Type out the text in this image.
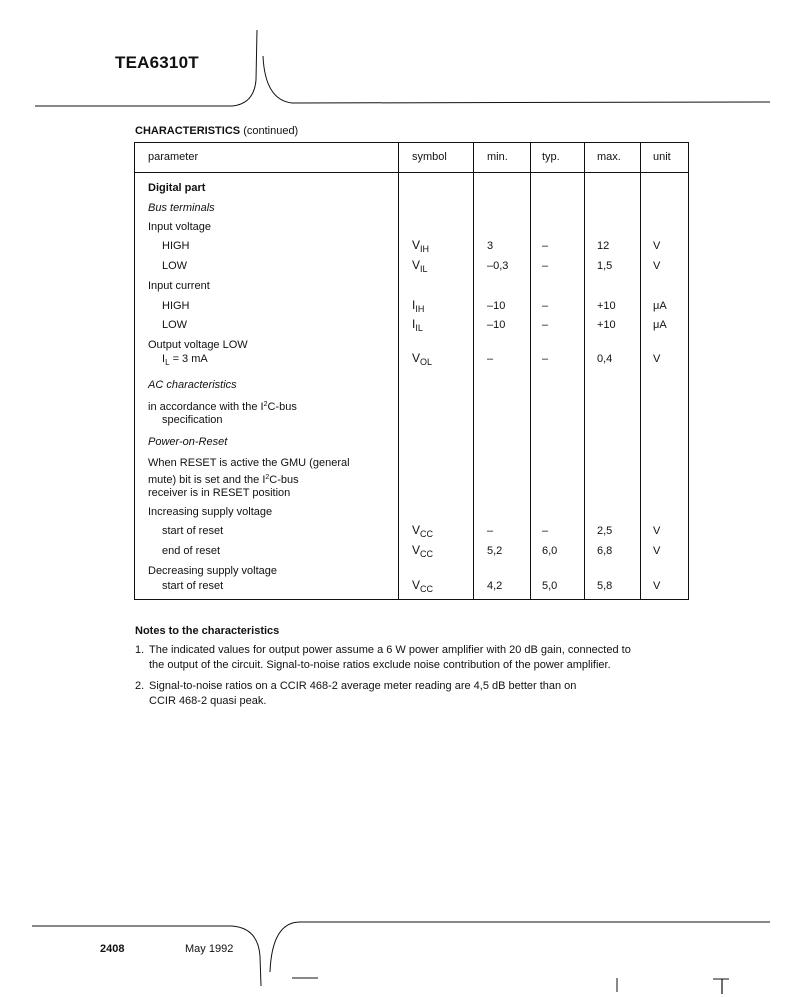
TEA6310T
CHARACTERISTICS (continued)
parameter	symbol	min.	typ.	max.	unit
Digital part
Bus terminals
Input voltage
HIGH	$V_{IH}$	3	–	12	V
LOW	$V_{IL}$	–0,3	–	1,5	V
Input current
HIGH	$I_{IH}$	–10	–	+10	μA
LOW	$I_{IL}$	–10	–	+10	μA
Output voltage LOW
$I_L = 3$ mA	$V_{OL}$	–	–	0,4	V
AC characteristics
in accordance with the $I^2C$-bus
specification
Power-on-Reset
When RESET is active the GMU (general
mute) bit is set and the $I^2C$-bus
receiver is in RESET position
Increasing supply voltage
start of reset	$V_{CC}$	–	–	2,5	V
end of reset	$V_{CC}$	5,2	6,0	6,8	V
Decreasing supply voltage
start of reset	$V_{CC}$	4,2	5,0	5,8	V
Notes to the characteristics
1. The indicated values for output power assume a 6 W power amplifier with 20 dB gain, connected to
the output of the circuit. Signal-to-noise ratios exclude noise contribution of the power amplifier.
2. Signal-to-noise ratios on a CCIR 468-2 average meter reading are 4,5 dB better than on
CCIR 468-2 quasi peak.
2408	May 1992
